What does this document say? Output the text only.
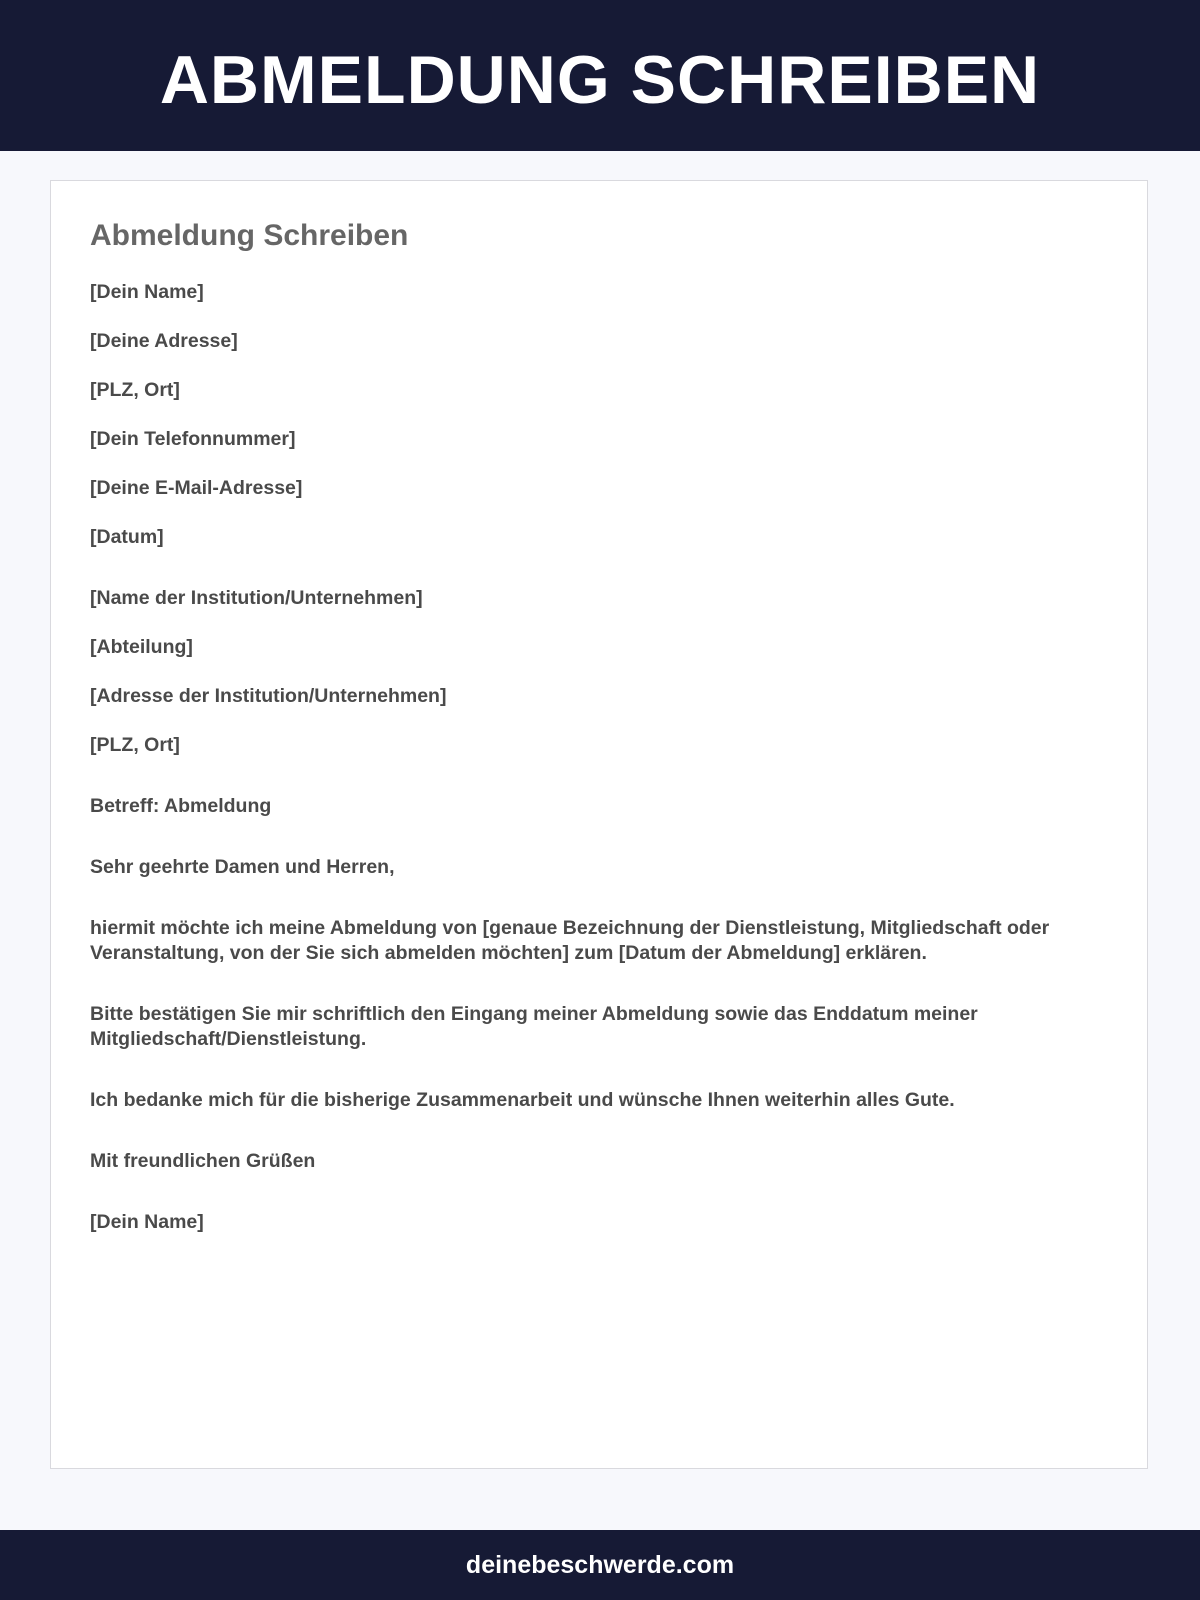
ABMELDUNG SCHREIBEN
Abmeldung Schreiben

[Dein Name]

[Deine Adresse]

[PLZ, Ort]

[Dein Telefonnummer]

[Deine E-Mail-Adresse]

[Datum]

[Name der Institution/Unternehmen]

[Abteilung]

[Adresse der Institution/Unternehmen]

[PLZ, Ort]

Betreff: Abmeldung

Sehr geehrte Damen und Herren,

hiermit möchte ich meine Abmeldung von [genaue Bezeichnung der Dienstleistung, Mitgliedschaft oder Veranstaltung, von der Sie sich abmelden möchten] zum [Datum der Abmeldung] erklären.

Bitte bestätigen Sie mir schriftlich den Eingang meiner Abmeldung sowie das Enddatum meiner Mitgliedschaft/Dienstleistung.

Ich bedanke mich für die bisherige Zusammenarbeit und wünsche Ihnen weiterhin alles Gute.

Mit freundlichen Grüßen

[Dein Name]

deinebeschwerde.com
